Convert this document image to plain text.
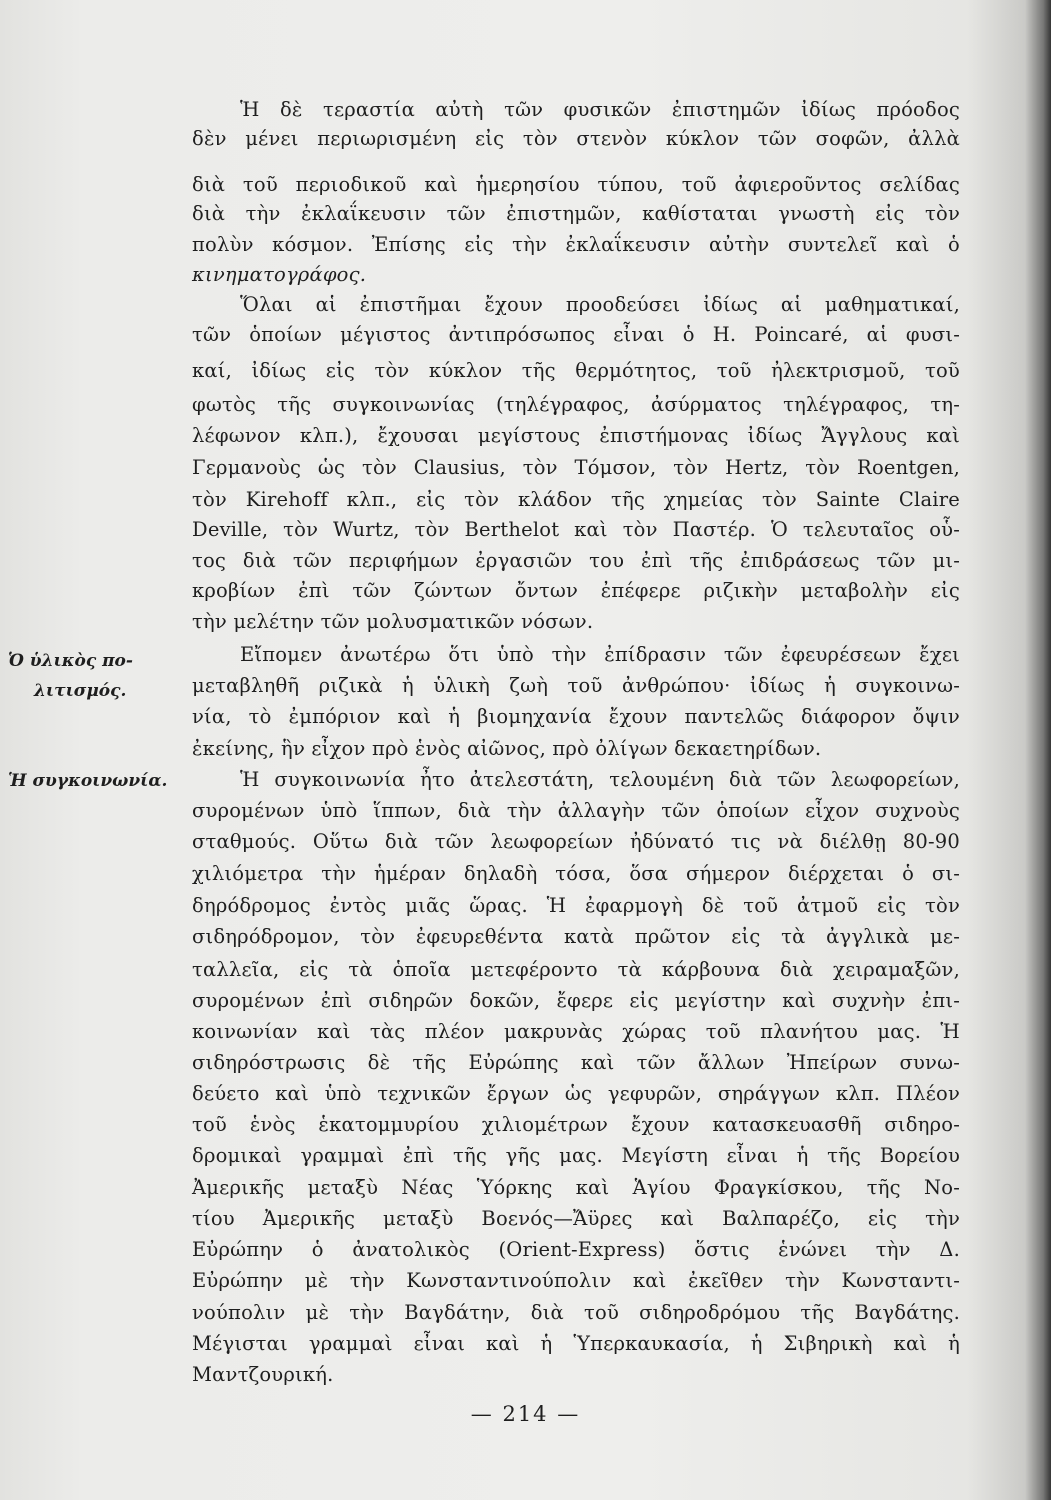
Ἡ δὲ τεραστία αὐτὴ τῶν φυσικῶν ἐπιστημῶν ἰδίως πρόοδος
δὲν μένει περιωρισμένη εἰς τὸν στενὸν κύκλον τῶν σοφῶν, ἀλλὰ
διὰ τοῦ περιοδικοῦ καὶ ἡμερησίου τύπου, τοῦ ἀφιεροῦντος σελίδας
διὰ τὴν ἐκλαΐκευσιν τῶν ἐπιστημῶν, καθίσταται γνωστὴ εἰς τὸν
πολὺν κόσμον. Ἐπίσης εἰς τὴν ἐκλαΐκευσιν αὐτὴν συντελεῖ καὶ ὁ
κινηματογράφος.
Ὅλαι αἱ ἐπιστῆμαι ἔχουν προοδεύσει ἰδίως αἱ μαθηματικαί,
τῶν ὁποίων μέγιστος ἀντιπρόσωπος εἶναι ὁ H. Poincaré, αἱ φυσι-
καί, ἰδίως εἰς τὸν κύκλον τῆς θερμότητος, τοῦ ἠλεκτρισμοῦ, τοῦ
φωτὸς τῆς συγκοινωνίας (τηλέγραφος, ἀσύρματος τηλέγραφος, τη-
λέφωνον κλπ.), ἔχουσαι μεγίστους ἐπιστήμονας ἰδίως Ἄγγλους καὶ
Γερμανοὺς ὡς τὸν Clausius, τὸν Τόμσον, τὸν Hertz, τὸν Roentgen,
τὸν Kirehoff κλπ., εἰς τὸν κλάδον τῆς χημείας τὸν Sainte Claire
Deville, τὸν Wurtz, τὸν Berthelot καὶ τὸν Παστέρ. Ὁ τελευταῖος οὗ-
τος διὰ τῶν περιφήμων ἐργασιῶν του ἐπὶ τῆς ἐπιδράσεως τῶν μι-
κροβίων ἐπὶ τῶν ζώντων ὄντων ἐπέφερε ριζικὴν μεταβολὴν εἰς
τὴν μελέτην τῶν μολυσματικῶν νόσων.
Εἴπομεν ἀνωτέρω ὅτι ὑπὸ τὴν ἐπίδρασιν τῶν ἐφευρέσεων ἔχει
μεταβληθῆ ριζικὰ ἡ ὑλικὴ ζωὴ τοῦ ἀνθρώπου· ἰδίως ἡ συγκοινω-
νία, τὸ ἐμπόριον καὶ ἡ βιομηχανία ἔχουν παντελῶς διάφορον ὄψιν
ἐκείνης, ἣν εἶχον πρὸ ἑνὸς αἰῶνος, πρὸ ὀλίγων δεκαετηρίδων.
Ἡ συγκοινωνία ἦτο ἀτελεστάτη, τελουμένη διὰ τῶν λεωφορείων,
συρομένων ὑπὸ ἵππων, διὰ τὴν ἀλλαγὴν τῶν ὁποίων εἶχον συχνοὺς
σταθμούς. Οὕτω διὰ τῶν λεωφορείων ἠδύνατό τις νὰ διέλθῃ 80-90
χιλιόμετρα τὴν ἡμέραν δηλαδὴ τόσα, ὅσα σήμερον διέρχεται ὁ σι-
δηρόδρομος ἐντὸς μιᾶς ὥρας. Ἡ ἐφαρμογὴ δὲ τοῦ ἀτμοῦ εἰς τὸν
σιδηρόδρομον, τὸν ἐφευρεθέντα κατὰ πρῶτον εἰς τὰ ἀγγλικὰ με-
ταλλεῖα, εἰς τὰ ὁποῖα μετεφέροντο τὰ κάρβουνα διὰ χειραμαξῶν,
συρομένων ἐπὶ σιδηρῶν δοκῶν, ἔφερε εἰς μεγίστην καὶ συχνὴν ἐπι-
κοινωνίαν καὶ τὰς πλέον μακρυνὰς χώρας τοῦ πλανήτου μας. Ἡ
σιδηρόστρωσις δὲ τῆς Εὐρώπης καὶ τῶν ἄλλων Ἠπείρων συνω-
δεύετο καὶ ὑπὸ τεχνικῶν ἔργων ὡς γεφυρῶν, σηράγγων κλπ. Πλέον
τοῦ ἑνὸς ἑκατομμυρίου χιλιομέτρων ἔχουν κατασκευασθῆ σιδηρο-
δρομικαὶ γραμμαὶ ἐπὶ τῆς γῆς μας. Μεγίστη εἶναι ἡ τῆς Βορείου
Ἀμερικῆς μεταξὺ Νέας Ὑόρκης καὶ Ἁγίου Φραγκίσκου, τῆς Νο-
τίου Ἀμερικῆς μεταξὺ Βοενός—Ἄϋρες καὶ Βαλπαρέζο, εἰς τὴν
Εὐρώπην ὁ ἀνατολικὸς (Orient-Express) ὅστις ἑνώνει τὴν Δ.
Εὐρώπην μὲ τὴν Κωνσταντινούπολιν καὶ ἐκεῖθεν τὴν Κωνσταντι-
νούπολιν μὲ τὴν Βαγδάτην, διὰ τοῦ σιδηροδρόμου τῆς Βαγδάτης.
Μέγισται γραμμαὶ εἶναι καὶ ἡ Ὑπερκαυκασία, ἡ Σιβηρικὴ καὶ ἡ
Μαντζουρική.
Ὁ ὑλικὸς πο-
λιτισμός.
Ἡ συγκοινωνία.
— 214 —
